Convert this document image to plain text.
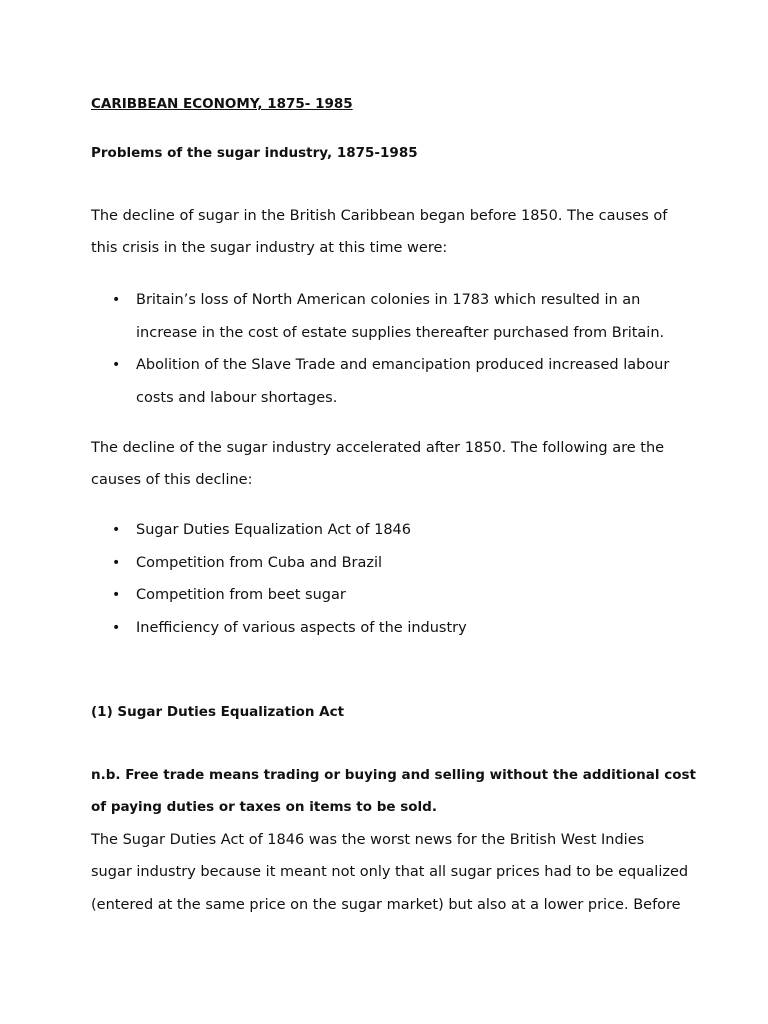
CARIBBEAN ECONOMY, 1875- 1985

Problems of the sugar industry, 1875-1985

The decline of sugar in the British Caribbean began before 1850. The causes of

this crisis in the sugar industry at this time were:

• Britain’s loss of North American colonies in 1783 which resulted in an
increase in the cost of estate supplies thereafter purchased from Britain.
• Abolition of the Slave Trade and emancipation produced increased labour
costs and labour shortages.

The decline of the sugar industry accelerated after 1850. The following are the

causes of this decline:

• Sugar Duties Equalization Act of 1846
• Competition from Cuba and Brazil
• Competition from beet sugar
• Inefficiency of various aspects of the industry

(1) Sugar Duties Equalization Act

n.b. Free trade means trading or buying and selling without the additional cost

of paying duties or taxes on items to be sold.

The Sugar Duties Act of 1846 was the worst news for the British West Indies

sugar industry because it meant not only that all sugar prices had to be equalized

(entered at the same price on the sugar market) but also at a lower price. Before
